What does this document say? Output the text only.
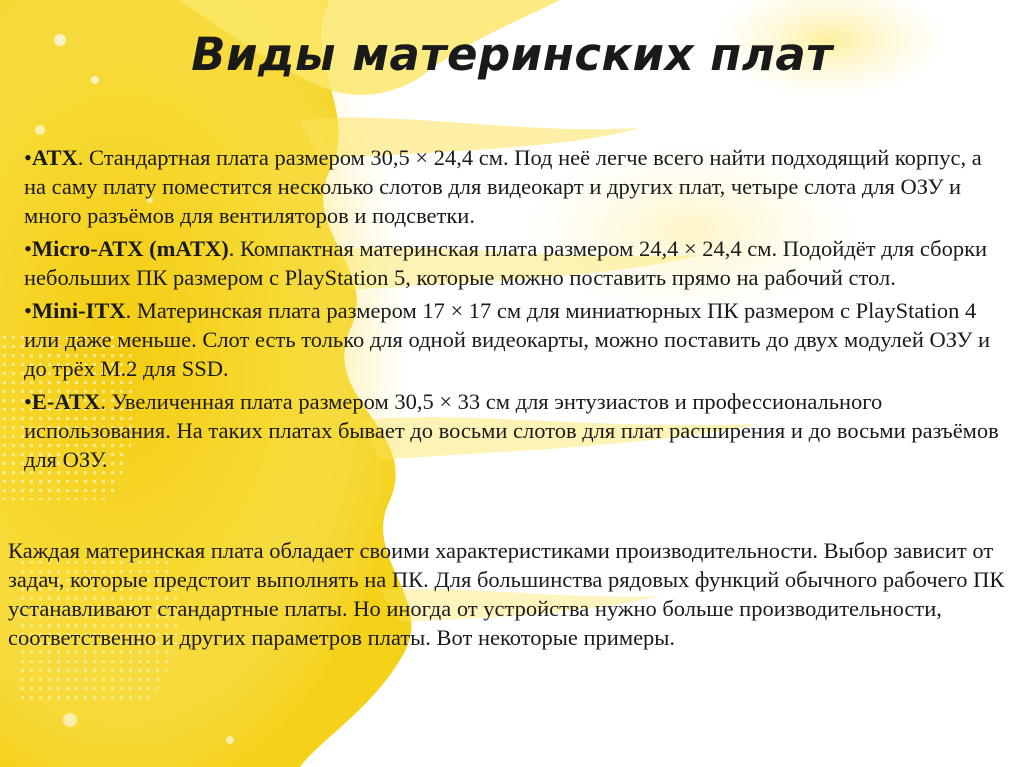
Виды материнских плат
•ATX. Стандартная плата размером 30,5 × 24,4 см. Под неё легче всего найти подходящий корпус, а на саму плату поместится несколько слотов для видеокарт и других плат, четыре слота для ОЗУ и много разъёмов для вентиляторов и подсветки.
•Micro-ATX (mATX). Компактная материнская плата размером 24,4 × 24,4 см. Подойдёт для сборки небольших ПК размером с PlayStation 5, которые можно поставить прямо на рабочий стол.
•Mini-ITX. Материнская плата размером 17 × 17 см для миниатюрных ПК размером с PlayStation 4 или даже меньше. Слот есть только для одной видеокарты, можно поставить до двух модулей ОЗУ и до трёх M.2 для SSD.
•E-ATX. Увеличенная плата размером 30,5 × 33 см для энтузиастов и профессионального использования. На таких платах бывает до восьми слотов для плат расширения и до восьми разъёмов для ОЗУ.

Каждая материнская плата обладает своими характеристиками производительности. Выбор зависит от задач, которые предстоит выполнять на ПК. Для большинства рядовых функций обычного рабочего ПК устанавливают стандартные платы. Но иногда от устройства нужно больше производительности, соответственно и других параметров платы. Вот некоторые примеры.
